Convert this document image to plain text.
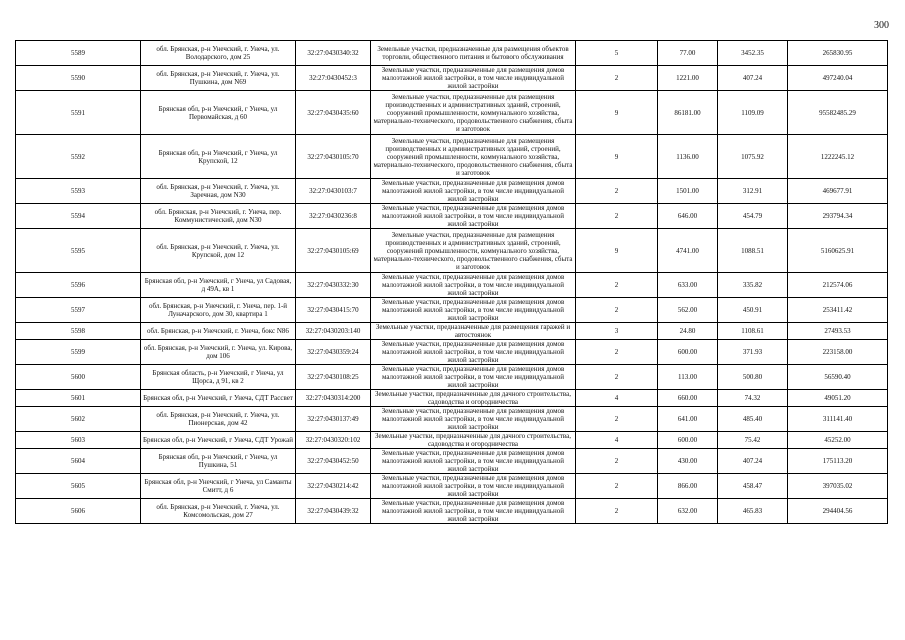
300
5589	обл. Брянская, р-н Унечский, г. Унеча, ул. Володарского, дом 25	32:27:0430340:32	Земельные участки, предназначенные для размещения объектов торговли, общественного питания и бытового обслуживания	5	77.00	3452.35	265830.95
5590	обл. Брянская, р-н Унечский, г. Унеча, ул. Пушкина, дом N69	32:27:0430452:3	Земельные участки, предназначенные для размещения домов малоэтажной жилой застройки, в том числе индивидуальной жилой застройки	2	1221.00	407.24	497240.04
5591	Брянская обл, р-н Унечский, г Унеча, ул Первомайская, д 60	32:27:0430435:60	Земельные участки, предназначенные для размещения производственных и административных зданий, строений, сооружений промышленности, коммунального хозяйства, материально-технического, продовольственного снабжения, сбыта и заготовок	9	86181.00	1109.09	95582485.29
5592	Брянская обл, р-н Унечский, г Унеча, ул Крупской, 12	32:27:0430105:70	Земельные участки, предназначенные для размещения производственных и административных зданий, строений, сооружений промышленности, коммунального хозяйства, материально-технического, продовольственного снабжения, сбыта и заготовок	9	1136.00	1075.92	1222245.12
5593	обл. Брянская, р-н Унечский, г. Унеча, ул. Заречная, дом N30	32:27:0430103:7	Земельные участки, предназначенные для размещения домов малоэтажной жилой застройки, в том числе индивидуальной жилой застройки	2	1501.00	312.91	469677.91
5594	обл. Брянская, р-н Унечский, г. Унеча, пер. Коммунистический, дом N30	32:27:0430236:8	Земельные участки, предназначенные для размещения домов малоэтажной жилой застройки, в том числе индивидуальной жилой застройки	2	646.00	454.79	293794.34
5595	обл. Брянская, р-н Унечский, г. Унеча, ул. Крупской, дом 12	32:27:0430105:69	Земельные участки, предназначенные для размещения производственных и административных зданий, строений, сооружений промышленности, коммунального хозяйства, материально-технического, продовольственного снабжения, сбыта и заготовок	9	4741.00	1088.51	5160625.91
5596	Брянская обл, р-н Унечский, г Унеча, ул Садовая, д 49А, кв 1	32:27:0430332:30	Земельные участки, предназначенные для размещения домов малоэтажной жилой застройки, в том числе индивидуальной жилой застройки	2	633.00	335.82	212574.06
5597	обл. Брянская, р-н Унечский, г. Унеча, пер. 1-й Луначарского, дом 30, квартира 1	32:27:0430415:70	Земельные участки, предназначенные для размещения домов малоэтажной жилой застройки, в том числе индивидуальной жилой застройки	2	562.00	450.91	253411.42
5598	обл. Брянская, р-н Унечский, г. Унеча, бокс N86	32:27:0430203:140	Земельные участки, предназначенные для размещения гаражей и автостоянок	3	24.80	1108.61	27493.53
5599	обл. Брянская, р-н Унечский, г. Унеча, ул. Кирова, дом 106	32:27:0430359:24	Земельные участки, предназначенные для размещения домов малоэтажной жилой застройки, в том числе индивидуальной жилой застройки	2	600.00	371.93	223158.00
5600	Брянская область, р-н Унечский, г Унеча, ул Щорса, д 91, кв 2	32:27:0430108:25	Земельные участки, предназначенные для размещения домов малоэтажной жилой застройки, в том числе индивидуальной жилой застройки	2	113.00	500.80	56590.40
5601	Брянская обл, р-н Унечский, г Унеча, СДТ Рассвет	32:27:0430314:200	Земельные участки, предназначенные для дачного строительства, садоводства и огородничества	4	660.00	74.32	49051.20
5602	обл. Брянская, р-н Унечский, г. Унеча, ул. Пионерская, дом 42	32:27:0430137:49	Земельные участки, предназначенные для размещения домов малоэтажной жилой застройки, в том числе индивидуальной жилой застройки	2	641.00	485.40	311141.40
5603	Брянская обл, р-н Унечский, г Унеча, СДТ Урожай	32:27:0430320:102	Земельные участки, предназначенные для дачного строительства, садоводства и огородничества	4	600.00	75.42	45252.00
5604	Брянская обл, р-н Унечский, г Унеча, ул Пушкина, 51	32:27:0430452:50	Земельные участки, предназначенные для размещения домов малоэтажной жилой застройки, в том числе индивидуальной жилой застройки	2	430.00	407.24	175113.20
5605	Брянская обл, р-н Унечский, г Унеча, ул Саманты Смитт, д 6	32:27:0430214:42	Земельные участки, предназначенные для размещения домов малоэтажной жилой застройки, в том числе индивидуальной жилой застройки	2	866.00	458.47	397035.02
5606	обл. Брянская, р-н Унечский, г. Унеча, ул. Комсомольская, дом 27	32:27:0430439:32	Земельные участки, предназначенные для размещения домов малоэтажной жилой застройки, в том числе индивидуальной жилой застройки	2	632.00	465.83	294404.56
